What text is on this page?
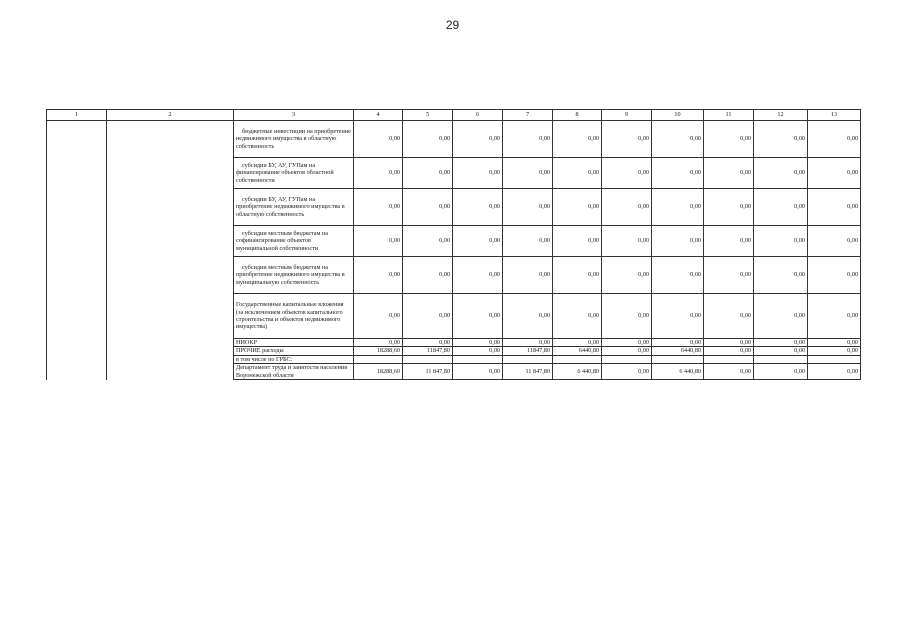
29
1	2	3	4	5	6	7	8	9	10	11	12	13

		бюджетные инвестиции на приобретение недвижимого имущества в областную собственность	0,00	0,00	0,00	0,00	0,00	0,00	0,00	0,00	0,00	0,00

		субсидии БУ, АУ, ГУПам на финансирование объектов областной собственности	0,00	0,00	0,00	0,00	0,00	0,00	0,00	0,00	0,00	0,00

		субсидии БУ, АУ, ГУПам на приобретение недвижимого имущества в областную собственность	0,00	0,00	0,00	0,00	0,00	0,00	0,00	0,00	0,00	0,00

		субсидии местным бюджетам на софинансирование объектов муниципальной собственности	0,00	0,00	0,00	0,00	0,00	0,00	0,00	0,00	0,00	0,00

		субсидии местным бюджетам на приобретение недвижимого имущества в муниципальную собственность	0,00	0,00	0,00	0,00	0,00	0,00	0,00	0,00	0,00	0,00
		Государственные капитальные вложения (за исключением объектов капитального строительства и объектов недвижимого имущества)	0,00	0,00	0,00	0,00	0,00	0,00	0,00	0,00	0,00	0,00
		НИОКР	0,00	0,00	0,00	0,00	0,00	0,00	0,00	0,00	0,00	0,00
		ПРОЧИЕ расходы	18288,60	11847,80	0,00	11847,80	6440,80	0,00	6440,80	0,00	0,00	0,00
		в том числе по ГРБС:										
		Департамент труда и занятости населения Воронежской области	18288,60	11 847,80	0,00	11 847,80	6 440,80	0,00	6 440,80	0,00	0,00	0,00
